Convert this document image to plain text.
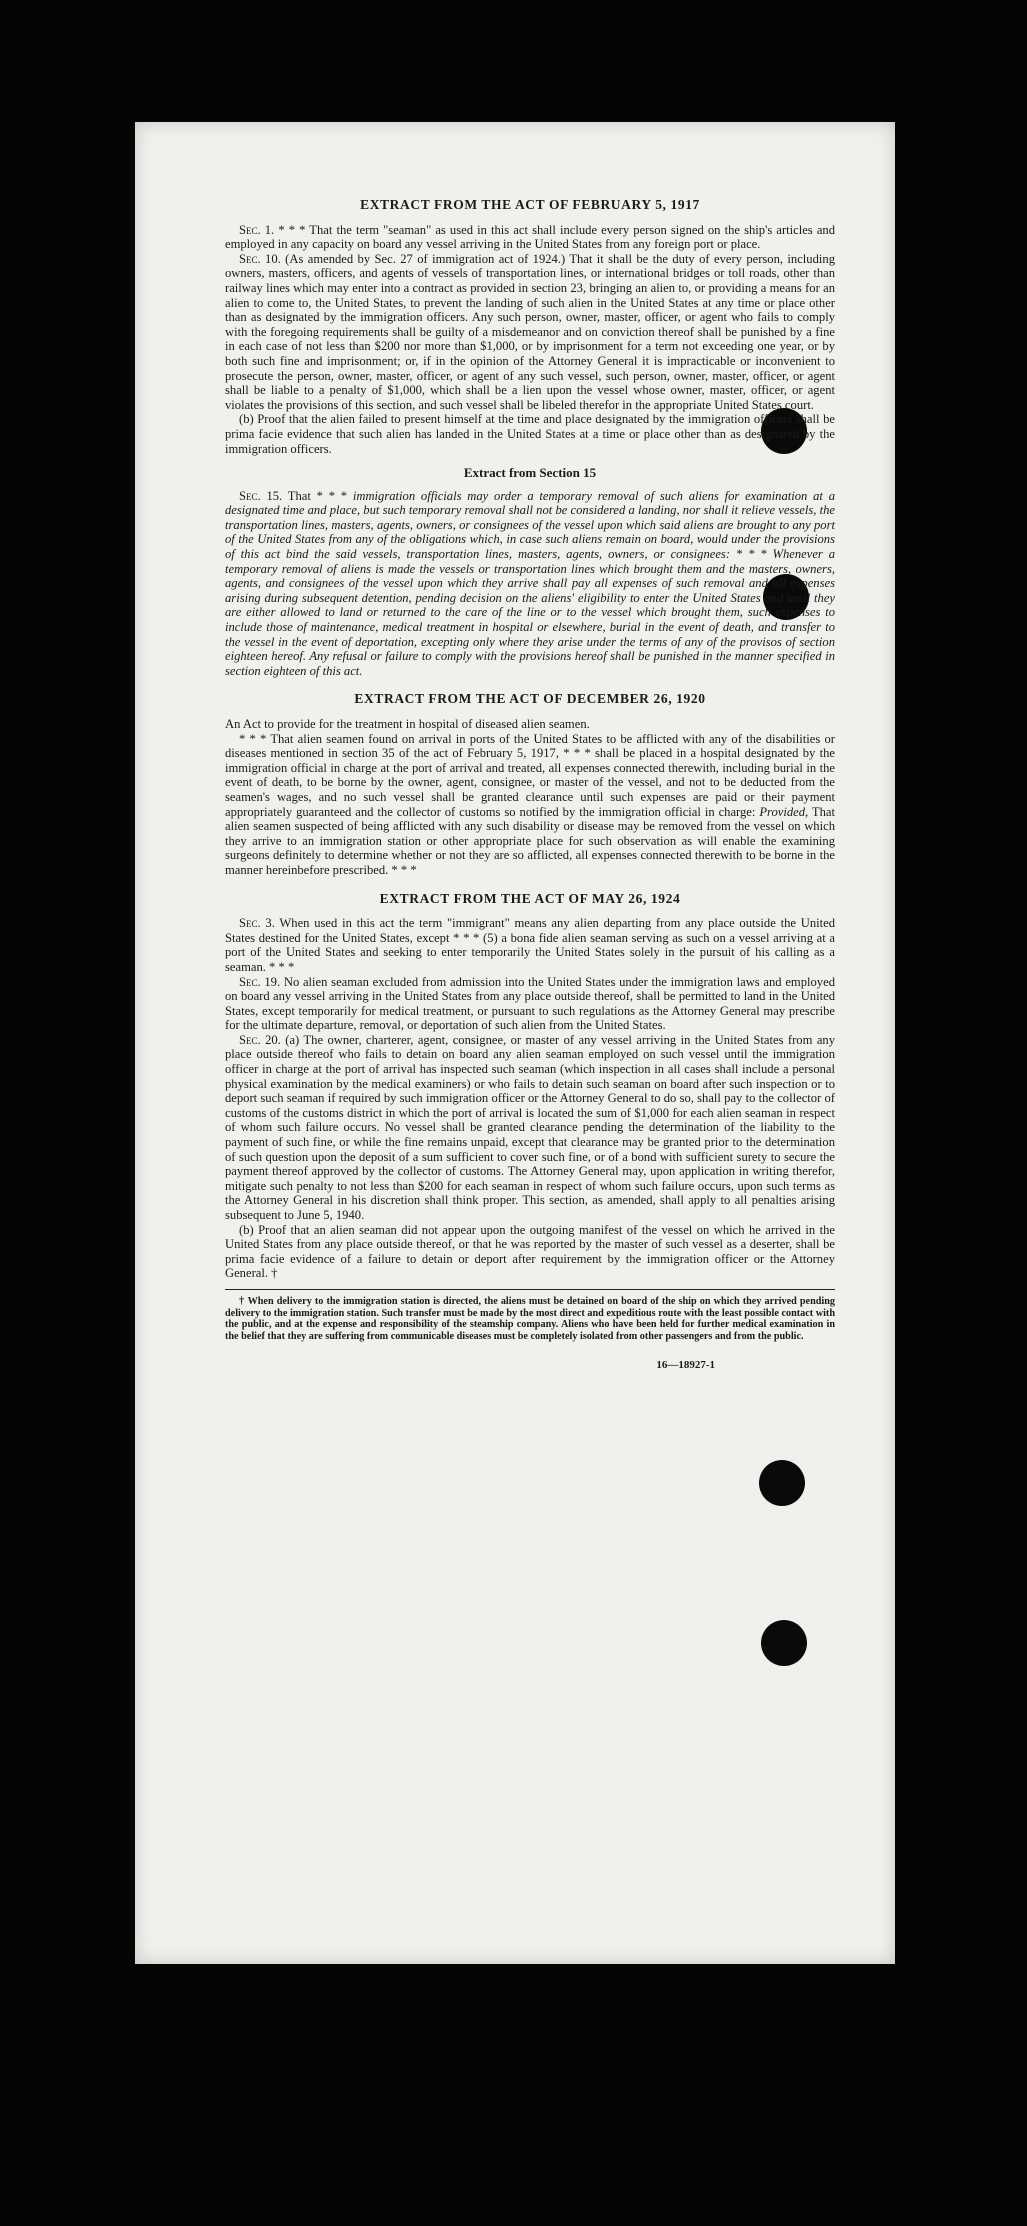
EXTRACT FROM THE ACT OF FEBRUARY 5, 1917

Sec. 1. * * * That the term "seaman" as used in this act shall include every person signed on the ship's articles and employed in any capacity on board any vessel arriving in the United States from any foreign port or place.

Sec. 10. (As amended by Sec. 27 of immigration act of 1924.) That it shall be the duty of every person, including owners, masters, officers, and agents of vessels of transportation lines, or international bridges or toll roads, other than railway lines which may enter into a contract as provided in section 23, bringing an alien to, or providing a means for an alien to come to, the United States, to prevent the landing of such alien in the United States at any time or place other than as designated by the immigration officers. Any such person, owner, master, officer, or agent who fails to comply with the foregoing requirements shall be guilty of a misdemeanor and on conviction thereof shall be punished by a fine in each case of not less than $200 nor more than $1,000, or by imprisonment for a term not exceeding one year, or by both such fine and imprisonment; or, if in the opinion of the Attorney General it is impracticable or inconvenient to prosecute the person, owner, master, officer, or agent of any such vessel, such person, owner, master, officer, or agent shall be liable to a penalty of $1,000, which shall be a lien upon the vessel whose owner, master, officer, or agent violates the provisions of this section, and such vessel shall be libeled therefor in the appropriate United States court.

(b) Proof that the alien failed to present himself at the time and place designated by the immigration officers shall be prima facie evidence that such alien has landed in the United States at a time or place other than as designated by the immigration officers.

Extract from Section 15

Sec. 15. That * * * immigration officials may order a temporary removal of such aliens for examination at a designated time and place, but such temporary removal shall not be considered a landing, nor shall it relieve vessels, the transportation lines, masters, agents, owners, or consignees of the vessel upon which said aliens are brought to any port of the United States from any of the obligations which, in case such aliens remain on board, would under the provisions of this act bind the said vessels, transportation lines, masters, agents, owners, or consignees: * * * Whenever a temporary removal of aliens is made the vessels or transportation lines which brought them and the masters, owners, agents, and consignees of the vessel upon which they arrive shall pay all expenses of such removal and all expenses arising during subsequent detention, pending decision on the aliens' eligibility to enter the United States and until they are either allowed to land or returned to the care of the line or to the vessel which brought them, such expenses to include those of maintenance, medical treatment in hospital or elsewhere, burial in the event of death, and transfer to the vessel in the event of deportation, excepting only where they arise under the terms of any of the provisos of section eighteen hereof. Any refusal or failure to comply with the provisions hereof shall be punished in the manner specified in section eighteen of this act.

EXTRACT FROM THE ACT OF DECEMBER 26, 1920

An Act to provide for the treatment in hospital of diseased alien seamen.

* * * That alien seamen found on arrival in ports of the United States to be afflicted with any of the disabilities or diseases mentioned in section 35 of the act of February 5, 1917, * * * shall be placed in a hospital designated by the immigration official in charge at the port of arrival and treated, all expenses connected therewith, including burial in the event of death, to be borne by the owner, agent, consignee, or master of the vessel, and not to be deducted from the seamen's wages, and no such vessel shall be granted clearance until such expenses are paid or their payment appropriately guaranteed and the collector of customs so notified by the immigration official in charge: Provided, That alien seamen suspected of being afflicted with any such disability or disease may be removed from the vessel on which they arrive to an immigration station or other appropriate place for such observation as will enable the examining surgeons definitely to determine whether or not they are so afflicted, all expenses connected therewith to be borne in the manner hereinbefore prescribed. * * *

EXTRACT FROM THE ACT OF MAY 26, 1924

Sec. 3. When used in this act the term "immigrant" means any alien departing from any place outside the United States destined for the United States, except * * * (5) a bona fide alien seaman serving as such on a vessel arriving at a port of the United States and seeking to enter temporarily the United States solely in the pursuit of his calling as a seaman. * * *

Sec. 19. No alien seaman excluded from admission into the United States under the immigration laws and employed on board any vessel arriving in the United States from any place outside thereof, shall be permitted to land in the United States, except temporarily for medical treatment, or pursuant to such regulations as the Attorney General may prescribe for the ultimate departure, removal, or deportation of such alien from the United States.

Sec. 20. (a) The owner, charterer, agent, consignee, or master of any vessel arriving in the United States from any place outside thereof who fails to detain on board any alien seaman employed on such vessel until the immigration officer in charge at the port of arrival has inspected such seaman (which inspection in all cases shall include a personal physical examination by the medical examiners) or who fails to detain such seaman on board after such inspection or to deport such seaman if required by such immigration officer or the Attorney General to do so, shall pay to the collector of customs of the customs district in which the port of arrival is located the sum of $1,000 for each alien seaman in respect of whom such failure occurs. No vessel shall be granted clearance pending the determination of the liability to the payment of such fine, or while the fine remains unpaid, except that clearance may be granted prior to the determination of such question upon the deposit of a sum sufficient to cover such fine, or of a bond with sufficient surety to secure the payment thereof approved by the collector of customs. The Attorney General may, upon application in writing therefor, mitigate such penalty to not less than $200 for each seaman in respect of whom such failure occurs, upon such terms as the Attorney General in his discretion shall think proper. This section, as amended, shall apply to all penalties arising subsequent to June 5, 1940.

(b) Proof that an alien seaman did not appear upon the outgoing manifest of the vessel on which he arrived in the United States from any place outside thereof, or that he was reported by the master of such vessel as a deserter, shall be prima facie evidence of a failure to detain or deport after requirement by the immigration officer or the Attorney General. †

† When delivery to the immigration station is directed, the aliens must be detained on board of the ship on which they arrived pending delivery to the immigration station. Such transfer must be made by the most direct and expeditious route with the least possible contact with the public, and at the expense and responsibility of the steamship company. Aliens who have been held for further medical examination in the belief that they are suffering from communicable diseases must be completely isolated from other passengers and from the public.

16—18927-1
